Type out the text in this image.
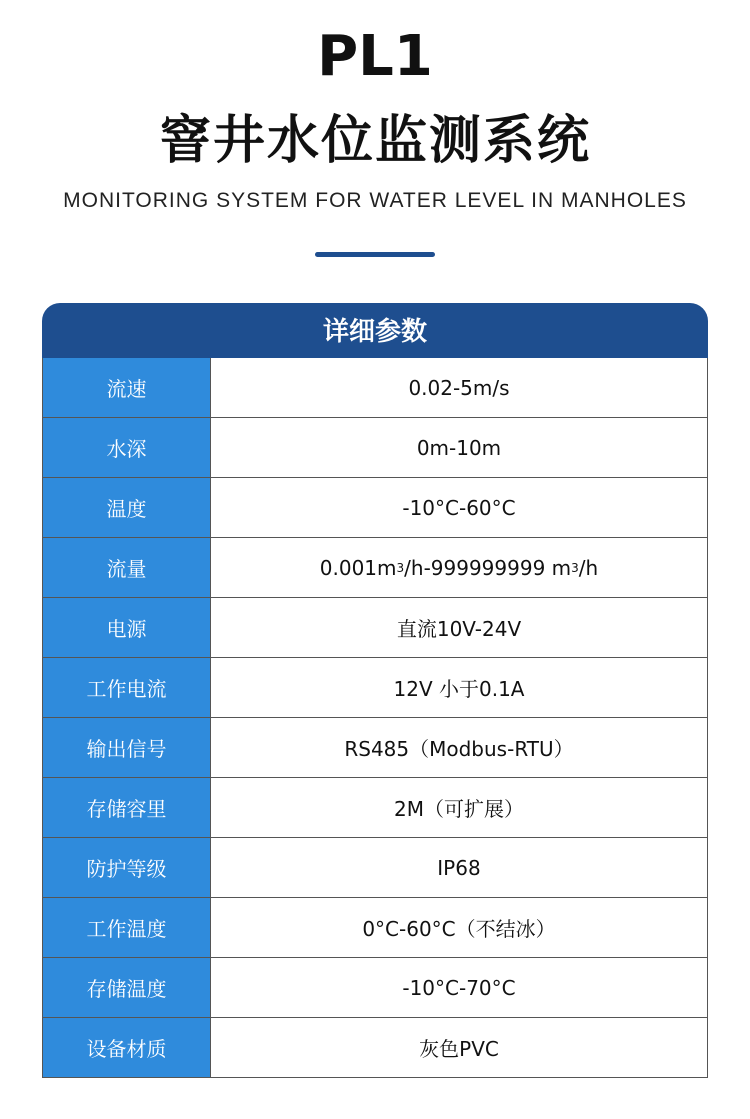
PL1
窨井水位监测系统
MONITORING SYSTEM FOR WATER LEVEL IN MANHOLES
详细参数
流速	0.02-5m/s
水深	0m-10m
温度	-10°C-60°C
流量	0.001m 3 /h-999999999 m 3 /h
电源	直流10V-24V
工作电流	12V 小于0.1A
输出信号	RS485（Modbus-RTU）
存储容里	2M（可扩展）
防护等级	IP68
工作温度	0°C-60°C（不结冰）
存储温度	-10°C-70°C
设备材质	灰色PVC
